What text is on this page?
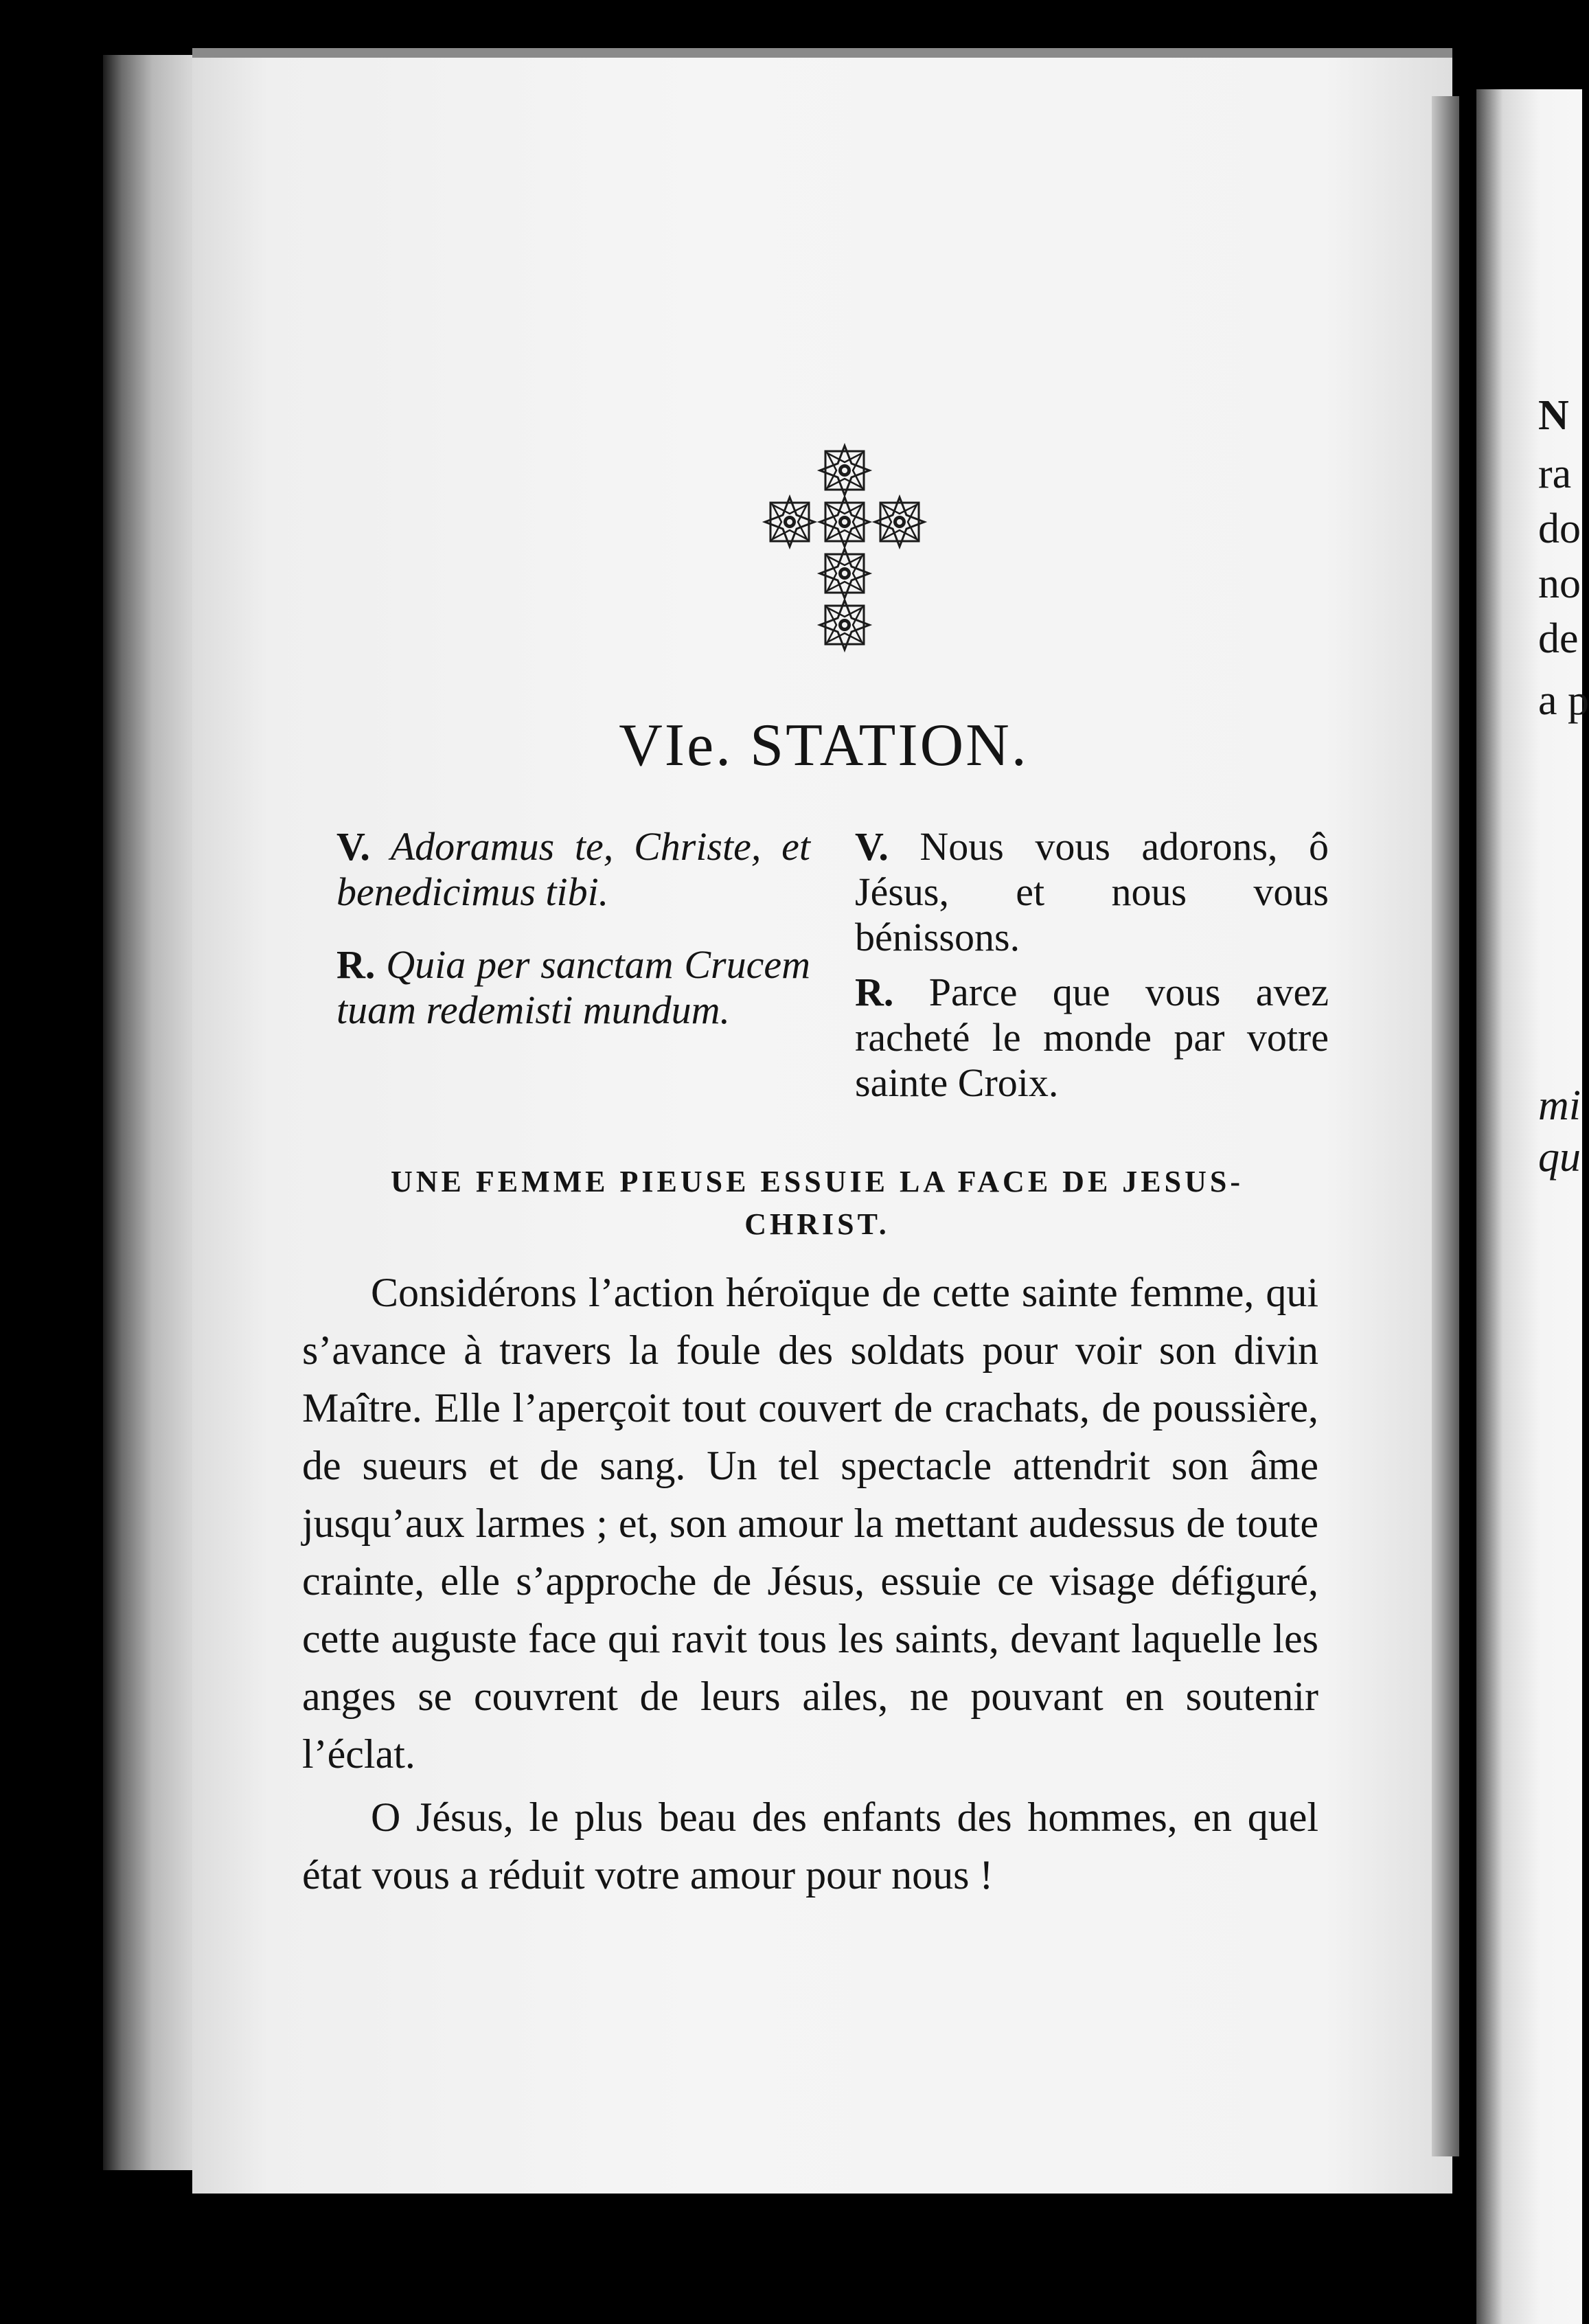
N
ra
do
no
de
a p
mi
qu
VIe. STATION.

V. Adoramus te, Christe, et benedicimus tibi.

R. Quia per sanctam Crucem tuam redemisti mundum.

V. Nous vous adorons, ô Jésus, et nous vous bénissons.

R. Parce que vous avez racheté le monde par votre sainte Croix.

UNE FEMME PIEUSE ESSUIE LA FACE DE JESUS-CHRIST.

Considérons l’action héroïque de cette sainte femme, qui s’avance à travers la foule des soldats pour voir son divin Maître. Elle l’aperçoit tout couvert de crachats, de poussière, de sueurs et de sang. Un tel spectacle attendrit son âme jusqu’aux larmes ; et, son amour la mettant audessus de toute crainte, elle s’approche de Jésus, essuie ce visage défiguré, cette auguste face qui ravit tous les saints, devant laquelle les anges se couvrent de leurs ailes, ne pouvant en soutenir l’éclat.

O Jésus, le plus beau des enfants des hommes, en quel état vous a réduit votre amour pour nous !
